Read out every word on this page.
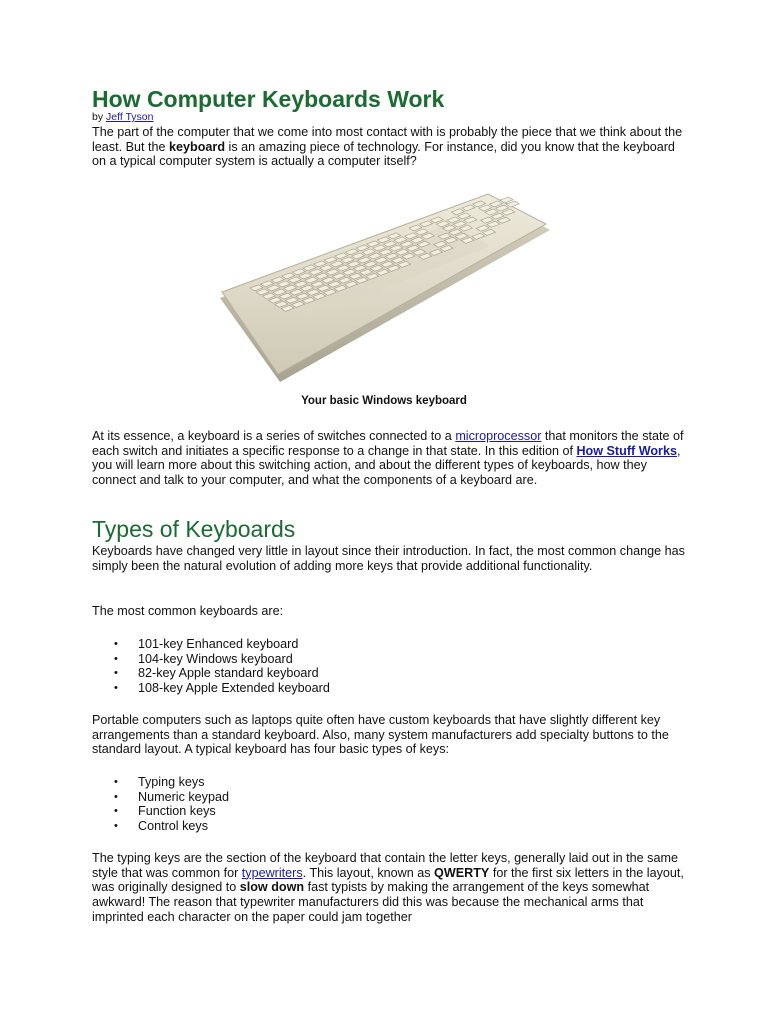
How Computer Keyboards Work
by Jeff Tyson

The part of the computer that we come into most contact with is probably the piece that we think about the least. But the keyboard is an amazing piece of technology. For instance, did you know that the keyboard on a typical computer system is actually a computer itself?

Your basic Windows keyboard

At its essence, a keyboard is a series of switches connected to a microprocessor that monitors the state of each switch and initiates a specific response to a change in that state. In this edition of How Stuff Works, you will learn more about this switching action, and about the different types of keyboards, how they connect and talk to your computer, and what the components of a keyboard are.

Types of Keyboards

Keyboards have changed very little in layout since their introduction. In fact, the most common change has simply been the natural evolution of adding more keys that provide additional functionality.

The most common keyboards are:

• 101-key Enhanced keyboard
• 104-key Windows keyboard
• 82-key Apple standard keyboard
• 108-key Apple Extended keyboard

Portable computers such as laptops quite often have custom keyboards that have slightly different key arrangements than a standard keyboard. Also, many system manufacturers add specialty buttons to the standard layout. A typical keyboard has four basic types of keys:

• Typing keys
• Numeric keypad
• Function keys
• Control keys

The typing keys are the section of the keyboard that contain the letter keys, generally laid out in the same style that was common for typewriters. This layout, known as QWERTY for the first six letters in the layout, was originally designed to slow down fast typists by making the arrangement of the keys somewhat awkward! The reason that typewriter manufacturers did this was because the mechanical arms that imprinted each character on the paper could jam together
